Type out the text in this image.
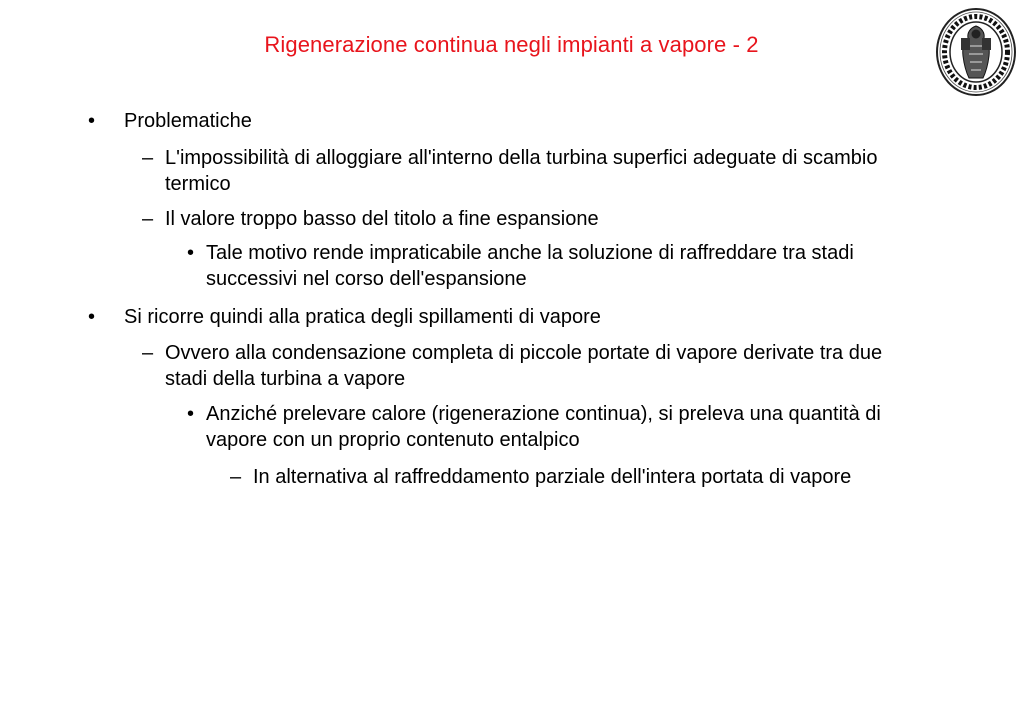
Rigenerazione continua negli impianti a vapore - 2
• Problematiche
– L'impossibilità di alloggiare all'interno della turbina superfici adeguate di scambio termico
– Il valore troppo basso del titolo a fine espansione
• Tale motivo rende impraticabile anche la soluzione di raffreddare tra stadi successivi nel corso dell'espansione
• Si ricorre quindi alla pratica degli spillamenti di vapore
– Ovvero alla condensazione completa di piccole portate di vapore derivate tra due stadi della turbina a vapore
• Anziché prelevare calore (rigenerazione continua), si preleva una quantità di vapore con un proprio contenuto entalpico
– In alternativa al raffreddamento parziale dell'intera portata di vapore
